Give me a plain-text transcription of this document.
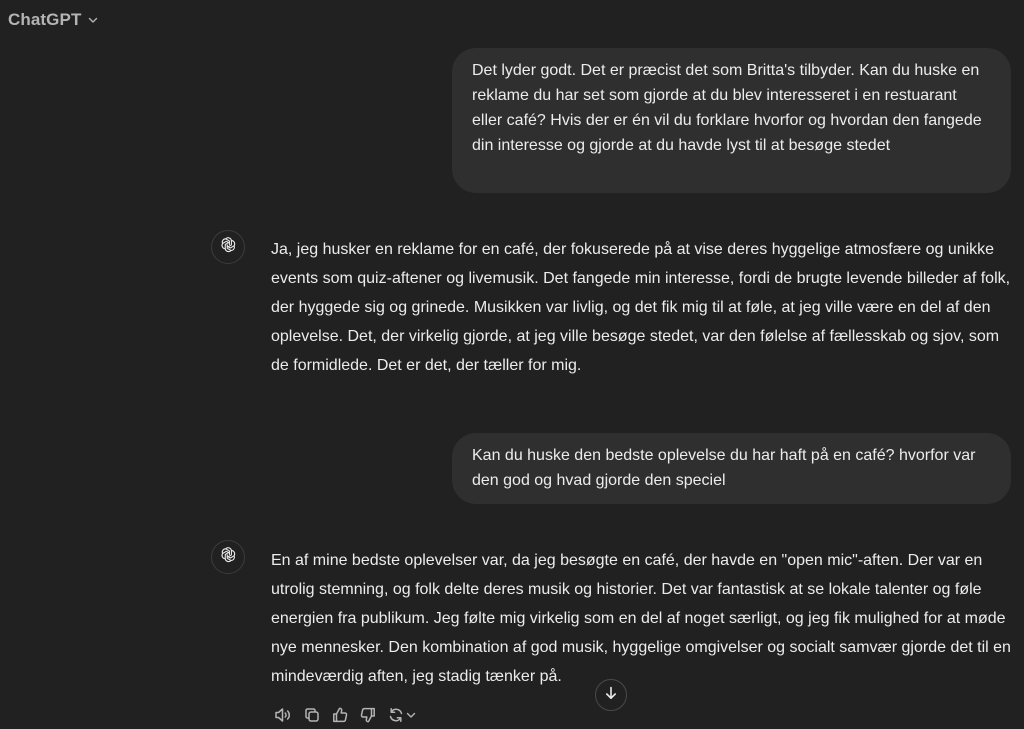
ChatGPT
Det lyder godt. Det er præcist det som Britta's tilbyder. Kan du huske en reklame du har set som gjorde at du blev interesseret i en restuarant eller café? Hvis der er én vil du forklare hvorfor og hvordan den fangede din interesse og gjorde at du havde lyst til at besøge stedet
Ja, jeg husker en reklame for en café, der fokuserede på at vise deres hyggelige atmosfære og unikke events som quiz-aftener og livemusik. Det fangede min interesse, fordi de brugte levende billeder af folk, der hyggede sig og grinede. Musikken var livlig, og det fik mig til at føle, at jeg ville være en del af den oplevelse. Det, der virkelig gjorde, at jeg ville besøge stedet, var den følelse af fællesskab og sjov, som de formidlede. Det er det, der tæller for mig.
Kan du huske den bedste oplevelse du har haft på en café? hvorfor var den god og hvad gjorde den speciel
En af mine bedste oplevelser var, da jeg besøgte en café, der havde en "open mic"-aften. Der var en utrolig stemning, og folk delte deres musik og historier. Det var fantastisk at se lokale talenter og føle energien fra publikum. Jeg følte mig virkelig som en del af noget særligt, og jeg fik mulighed for at møde nye mennesker. Den kombination af god musik, hyggelige omgivelser og socialt samvær gjorde det til en mindeværdig aften, jeg stadig tænker på.
